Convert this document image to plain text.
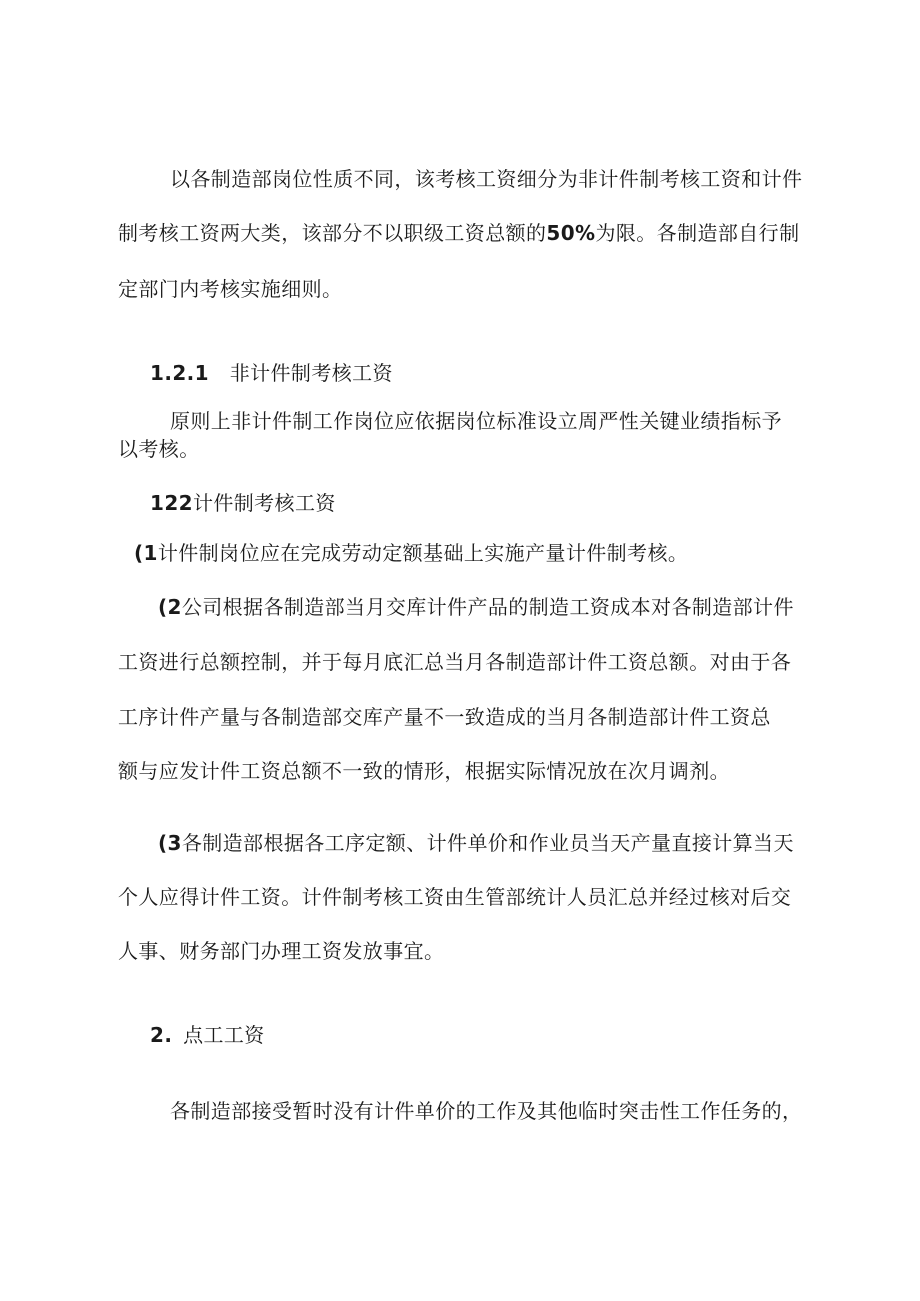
以各制造部岗位性质不同，该考核工资细分为非计件制考核工资和计件
制考核工资两大类，该部分不以职级工资总额的50%为限。各制造部自行制
定部门内考核实施细则。
1.2.1 非计件制考核工资
原则上非计件制工作岗位应依据岗位标准设立周严性关键业绩指标予
以考核。
122计件制考核工资
(1计件制岗位应在完成劳动定额基础上实施产量计件制考核。
(2公司根据各制造部当月交库计件产品的制造工资成本对各制造部计件
工资进行总额控制，并于每月底汇总当月各制造部计件工资总额。对由于各
工序计件产量与各制造部交库产量不一致造成的当月各制造部计件工资总
额与应发计件工资总额不一致的情形，根据实际情况放在次月调剂。
(3各制造部根据各工序定额、计件单价和作业员当天产量直接计算当天
个人应得计件工资。计件制考核工资由生管部统计人员汇总并经过核对后交
人事、财务部门办理工资发放事宜。
2. 点工工资
各制造部接受暂时没有计件单价的工作及其他临时突击性工作任务的，
